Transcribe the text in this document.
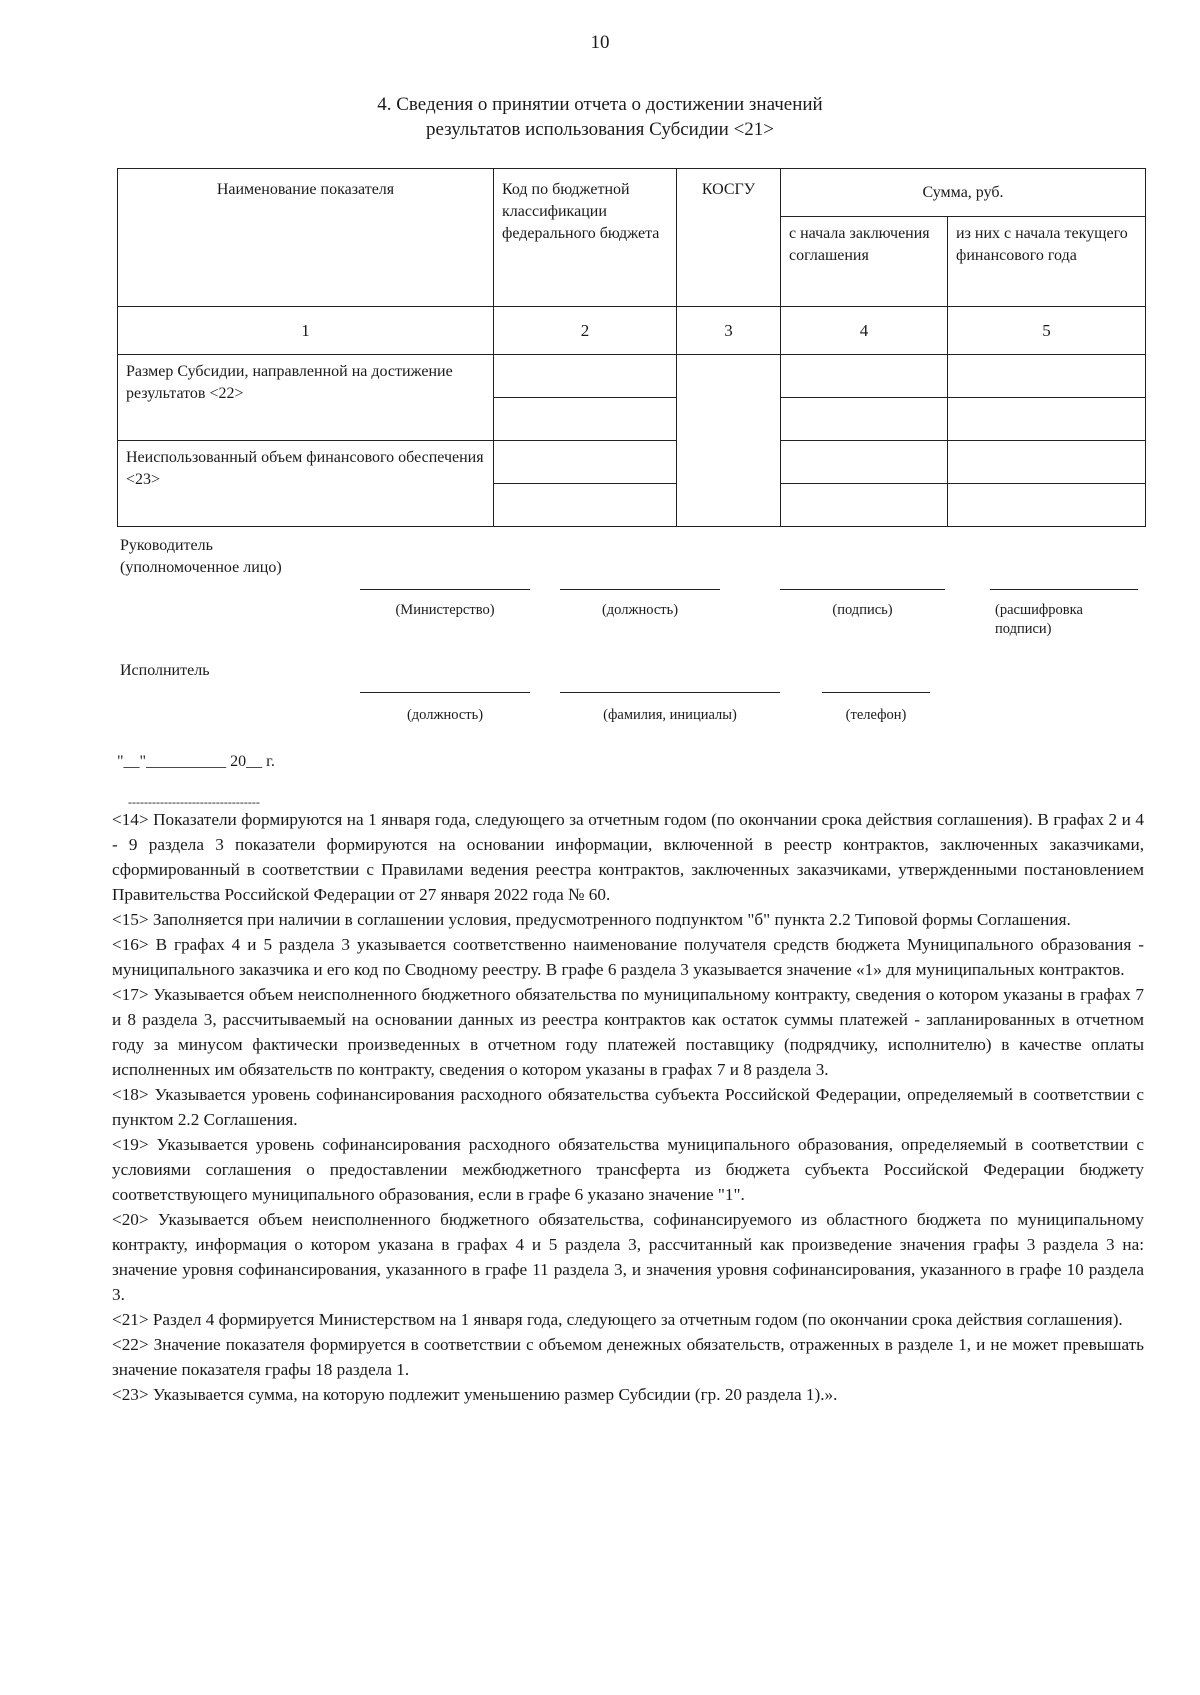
10
4. Сведения о принятии отчета о достижении значений
результатов использования Субсидии <21>
Наименование показателя	Код по бюджетной классификации федерального бюджета	КОСГУ	Сумма, руб.	
			с начала заключения соглашения	из них с начала текущего финансового года
1	2	3	4	5
Размер Субсидии, направленной на достижение результатов <22>				

Неиспользованный объем финансового обеспечения <23>				

Руководитель
(уполномоченное лицо)
(Министерство)	(должность)	(подпись)	(расшифровка подписи)
Исполнитель
(должность)	(фамилия, инициалы)	(телефон)
"__"__________ 20__ г.
---------------------------------

<14> Показатели формируются на 1 января года, следующего за отчетным годом (по окончании срока действия соглашения). В графах 2 и 4 - 9 раздела 3 показатели формируются на основании информации, включенной в реестр контрактов, заключенных заказчиками, сформированный в соответствии с Правилами ведения реестра контрактов, заключенных заказчиками, утвержденными постановлением Правительства Российской Федерации от 27 января 2022 года № 60.

<15> Заполняется при наличии в соглашении условия, предусмотренного подпунктом "б" пункта 2.2 Типовой формы Соглашения.

<16> В графах 4 и 5 раздела 3 указывается соответственно наименование получателя средств бюджета Муниципального образования - муниципального заказчика и его код по Сводному реестру. В графе 6 раздела 3 указывается значение «1» для муниципальных контрактов.

<17> Указывается объем неисполненного бюджетного обязательства по муниципальному контракту, сведения о котором указаны в графах 7 и 8 раздела 3, рассчитываемый на основании данных из реестра контрактов как остаток суммы платежей - запланированных в отчетном году за минусом фактически произведенных в отчетном году платежей поставщику (подрядчику, исполнителю) в качестве оплаты исполненных им обязательств по контракту, сведения о котором указаны в графах 7 и 8 раздела 3.

<18> Указывается уровень софинансирования расходного обязательства субъекта Российской Федерации, определяемый в соответствии с пунктом 2.2 Соглашения.

<19> Указывается уровень софинансирования расходного обязательства муниципального образования, определяемый в соответствии с условиями соглашения о предоставлении межбюджетного трансферта из бюджета субъекта Российской Федерации бюджету соответствующего муниципального образования, если в графе 6 указано значение "1".

<20> Указывается объем неисполненного бюджетного обязательства, софинансируемого из областного бюджета по муниципальному контракту, информация о котором указана в графах 4 и 5 раздела 3, рассчитанный как произведение значения графы 3 раздела 3 на: значение уровня софинансирования, указанного в графе 11 раздела 3, и значения уровня софинансирования, указанного в графе 10 раздела 3.

<21> Раздел 4 формируется Министерством на 1 января года, следующего за отчетным годом (по окончании срока действия соглашения).

<22> Значение показателя формируется в соответствии с объемом денежных обязательств, отраженных в разделе 1, и не может превышать значение показателя графы 18 раздела 1.

<23> Указывается сумма, на которую подлежит уменьшению размер Субсидии (гр. 20 раздела 1).».
